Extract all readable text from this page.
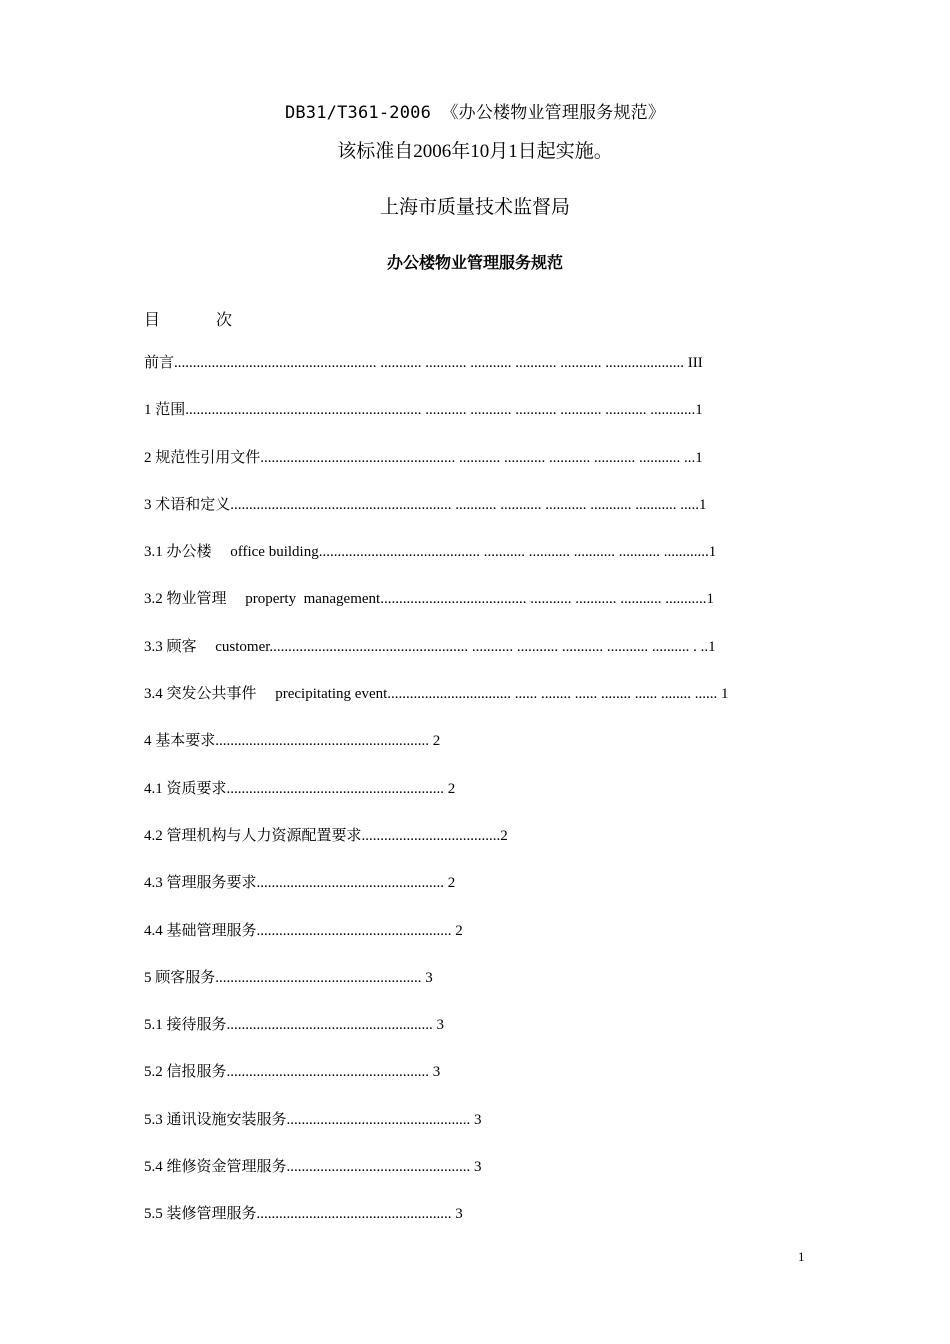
DB31/T361-2006 《办公楼物业管理服务规范》
该标准自2006年10月1日起实施。
上海市质量技术监督局
办公楼物业管理服务规范
目	次
前言...................................................... ........... ........... ........... ........... ........... ..................... III
1 范围............................................................... ........... ........... ........... ........... ........... ............1
2 规范性引用文件.................................................... ........... ........... ........... ........... ........... ...1
3 术语和定义........................................................... ........... ........... ........... ........... ........... .....1
3.1 办公楼     office building........................................... ........... ........... ........... ........... ............1
3.2 物业管理     property  management....................................... ........... ........... ........... ...........1
3.3 顾客     customer..................................................... ........... ........... ........... ........... .......... . ..1
3.4 突发公共事件     precipitating event................................. ...... ........ ...... ........ ...... ........ ...... 1
4 基本要求......................................................... 2
4.1 资质要求.......................................................... 2
4.2 管理机构与人力资源配置要求.....................................2
4.3 管理服务要求.................................................. 2
4.4 基础管理服务.................................................... 2
5 顾客服务....................................................... 3
5.1 接待服务....................................................... 3
5.2 信报服务...................................................... 3
5.3 通讯设施安装服务................................................. 3
5.4 维修资金管理服务................................................. 3
5.5 装修管理服务.................................................... 3
1
